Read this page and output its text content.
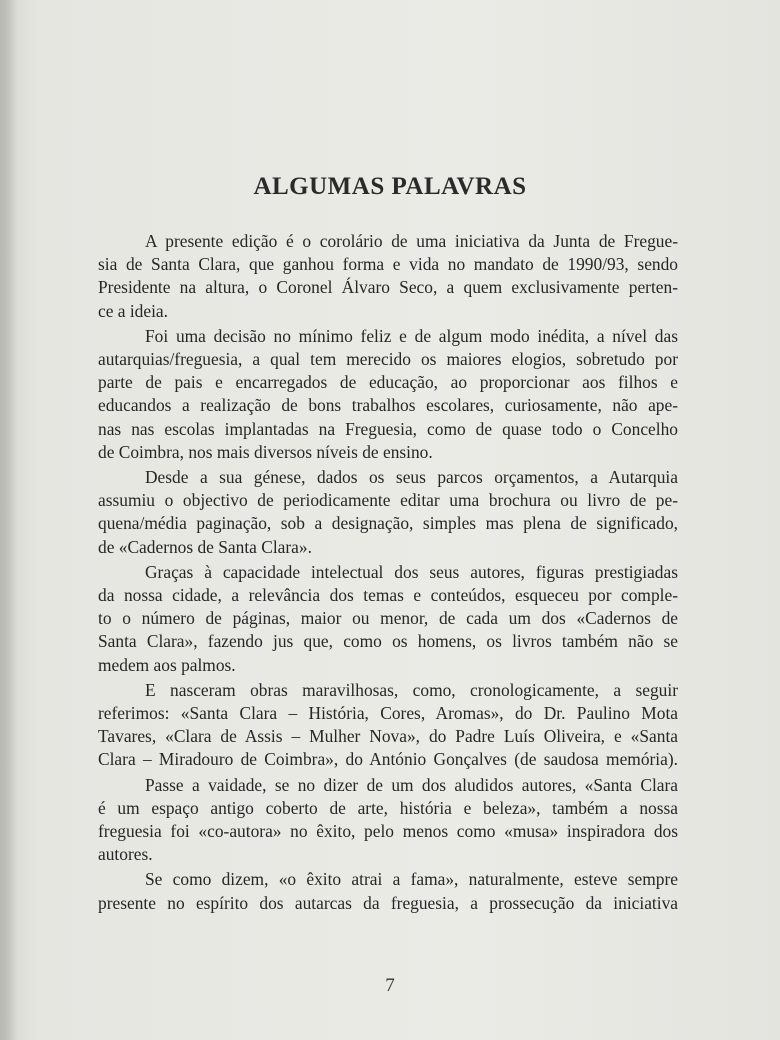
ALGUMAS PALAVRAS
A presente edição é o corolário de uma iniciativa da Junta de Fregue-
sia de Santa Clara, que ganhou forma e vida no mandato de 1990/93, sendo
Presidente na altura, o Coronel Álvaro Seco, a quem exclusivamente perten-
ce a ideia.
Foi uma decisão no mínimo feliz e de algum modo inédita, a nível das
autarquias/freguesia, a qual tem merecido os maiores elogios, sobretudo por
parte de pais e encarregados de educação, ao proporcionar aos filhos e
educandos a realização de bons trabalhos escolares, curiosamente, não ape-
nas nas escolas implantadas na Freguesia, como de quase todo o Concelho
de Coimbra, nos mais diversos níveis de ensino.
Desde a sua génese, dados os seus parcos orçamentos, a Autarquia
assumiu o objectivo de periodicamente editar uma brochura ou livro de pe-
quena/média paginação, sob a designação, simples mas plena de significado,
de «Cadernos de Santa Clara».
Graças à capacidade intelectual dos seus autores, figuras prestigiadas
da nossa cidade, a relevância dos temas e conteúdos, esqueceu por comple-
to o número de páginas, maior ou menor, de cada um dos «Cadernos de
Santa Clara», fazendo jus que, como os homens, os livros também não se
medem aos palmos.
E nasceram obras maravilhosas, como, cronologicamente, a seguir
referimos: «Santa Clara – História, Cores, Aromas», do Dr. Paulino Mota
Tavares, «Clara de Assis – Mulher Nova», do Padre Luís Oliveira, e «Santa
Clara – Miradouro de Coimbra», do António Gonçalves (de saudosa memória).
Passe a vaidade, se no dizer de um dos aludidos autores, «Santa Clara
é um espaço antigo coberto de arte, história e beleza», também a nossa
freguesia foi «co-autora» no êxito, pelo menos como «musa» inspiradora dos
autores.
Se como dizem, «o êxito atrai a fama», naturalmente, esteve sempre
presente no espírito dos autarcas da freguesia, a prossecução da iniciativa

7
